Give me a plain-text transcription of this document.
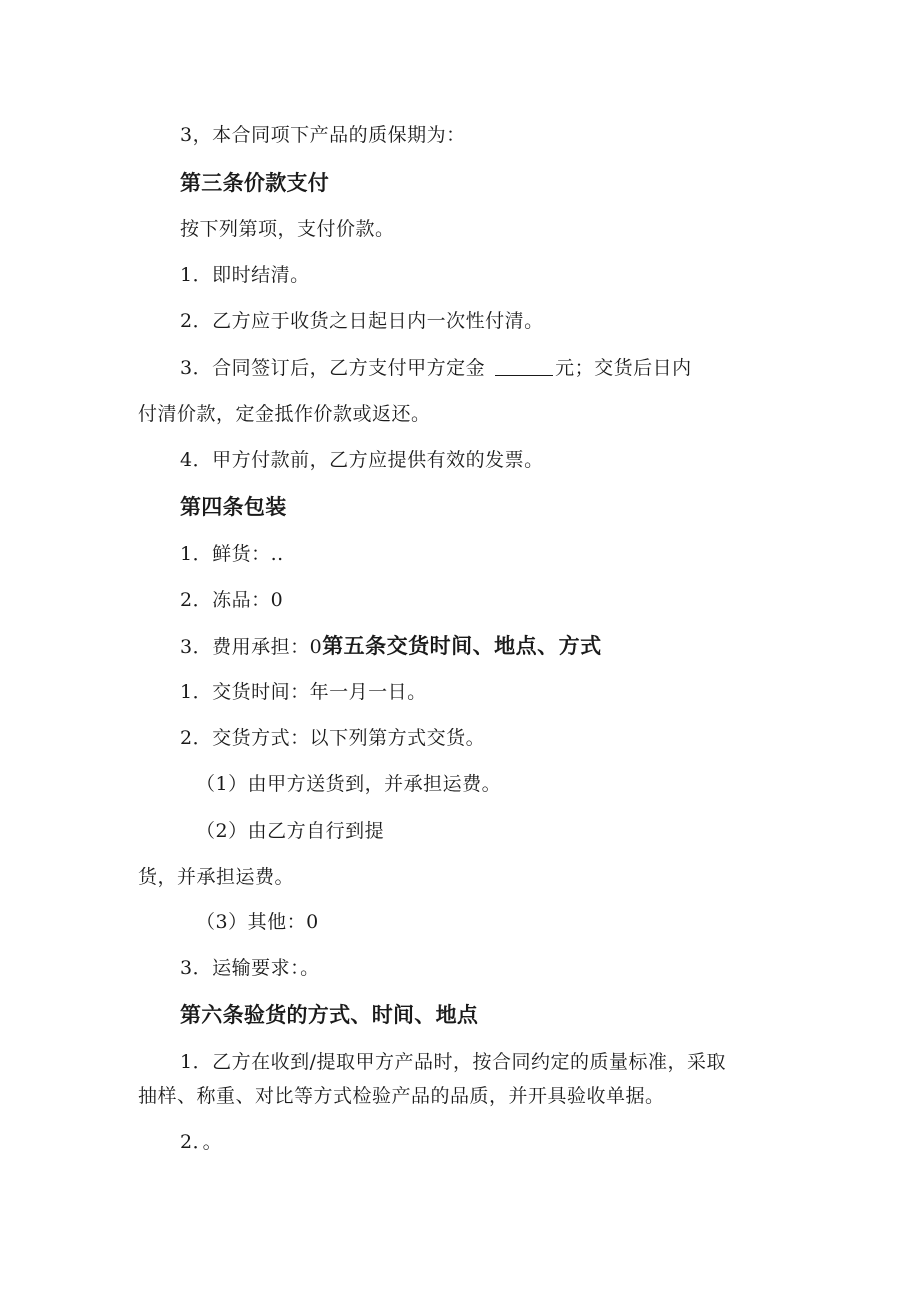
3，本合同项下产品的质保期为：
第三条价款支付
按下列第项，支付价款。
1．即时结清。
2．乙方应于收货之日起日内一次性付清。
3．合同签订后，乙方支付甲方定金	元；交货后日内
付清价款，定金抵作价款或返还。
4．甲方付款前，乙方应提供有效的发票。
第四条包装
1．鲜货：..
2．冻品：0
3．费用承担：0第五条交货时间、地点、方式
1．交货时间：年一月一日。
2．交货方式：以下列第方式交货。
（1）由甲方送货到，并承担运费。
（2）由乙方自行到提
货，并承担运费。
（3）其他：0
3．运输要求：。
第六条验货的方式、时间、地点
1．乙方在收到/提取甲方产品时，按合同约定的质量标准，采取
抽样、称重、对比等方式检验产品的品质，并开具验收单据。
2．。
